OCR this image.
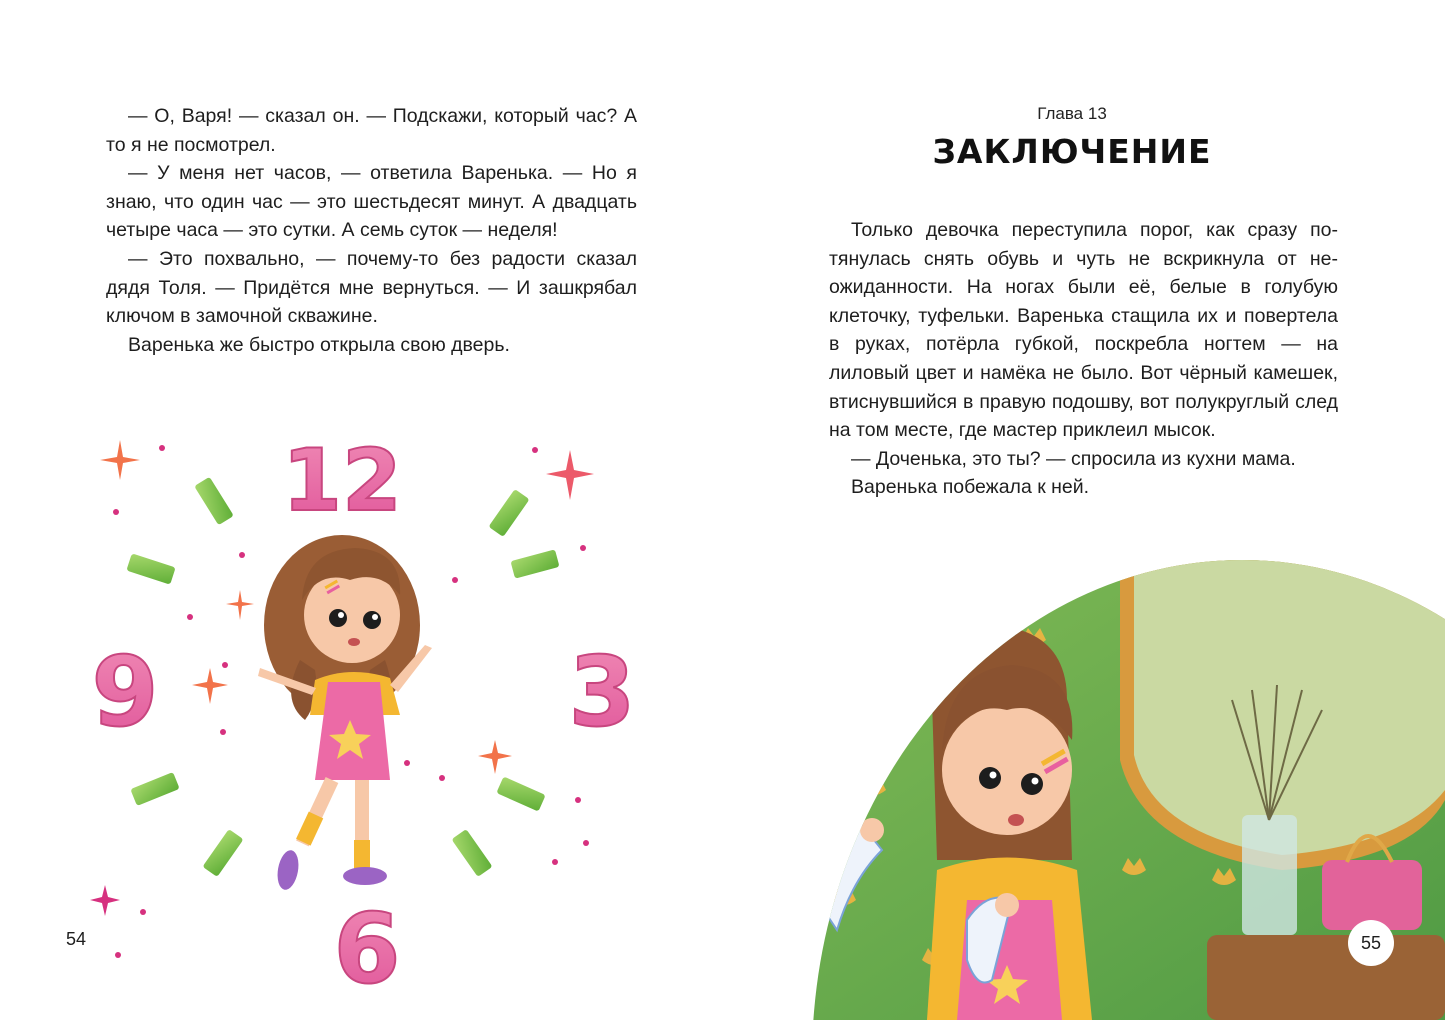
— О, Варя! — сказал он. — Подскажи, который час? А то я не посмотрел.

— У меня нет часов, — ответила Варенька. — Но я знаю, что один час — это шестьдесят минут. А двадцать четыре часа — это сутки. А семь суток — неделя!

— Это похвально, — почему-то без радости сказал дядя Толя. — Придётся мне вернуться. — И зашкрябал ключом в замочной скважине.

Варенька же быстро открыла свою дверь.

12
9	3
6
54
Глава 13
ЗАКЛЮЧЕНИЕ

Только девочка переступила порог, как сразу потянулась снять обувь и чуть не вскрикнула от неожиданности. На ногах были её, белые в голубую клеточку, туфельки. Варенька стащила их и повертела в руках, потёрла губкой, поскребла ногтем — на лиловый цвет и намёка не было. Вот чёрный камешек, втиснувшийся в правую подошву, вот полукруглый след на том месте, где мастер приклеил мысок.

— Доченька, это ты? — спросила из кухни мама.

Варенька побежала к ней.

55
